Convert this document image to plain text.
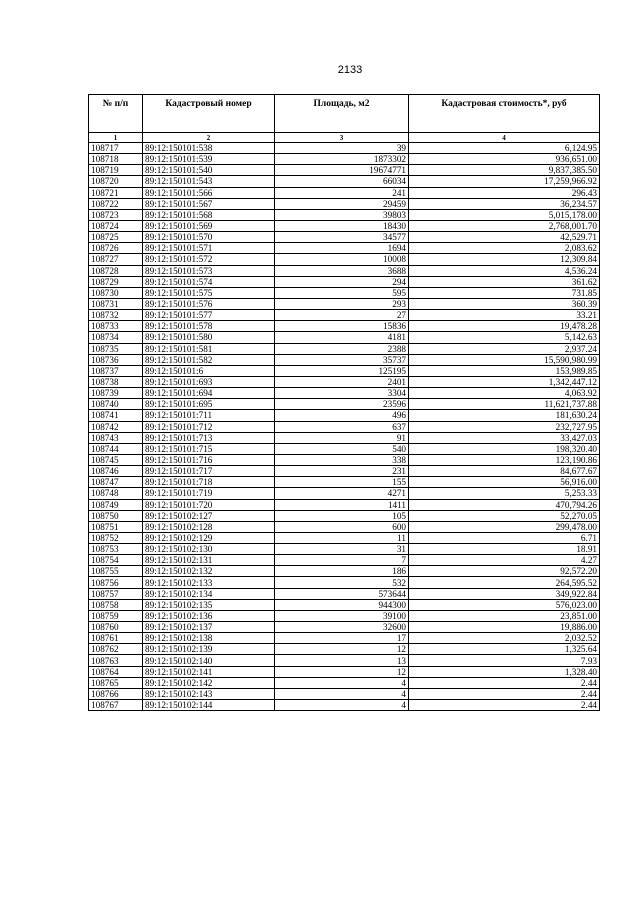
2133
№ п/п	Кадастровый номер	Площадь, м2	Кадастровая стоимость*, руб
1	2	3	4
108717	89:12:150101:538	39	6,124.95
108718	89:12:150101:539	1873302	936,651.00
108719	89:12:150101:540	19674771	9,837,385.50
108720	89:12:150101:543	66034	17,259,966.92
108721	89:12:150101:566	241	296.43
108722	89:12:150101:567	29459	36,234.57
108723	89:12:150101:568	39803	5,015,178.00
108724	89:12:150101:569	18430	2,768,001.70
108725	89:12:150101:570	34577	42,529.71
108726	89:12:150101:571	1694	2,083.62
108727	89:12:150101:572	10008	12,309.84
108728	89:12:150101:573	3688	4,536.24
108729	89:12:150101:574	294	361.62
108730	89:12:150101:575	595	731.85
108731	89:12:150101:576	293	360.39
108732	89:12:150101:577	27	33.21
108733	89:12:150101:578	15836	19,478.28
108734	89:12:150101:580	4181	5,142.63
108735	89:12:150101:581	2388	2,937.24
108736	89:12:150101:582	35737	15,590,980.99
108737	89:12:150101:6	125195	153,989.85
108738	89:12:150101:693	2401	1,342,447.12
108739	89:12:150101:694	3304	4,063.92
108740	89:12:150101:695	23596	11,621,737.88
108741	89:12:150101:711	496	181,630.24
108742	89:12:150101:712	637	232,727.95
108743	89:12:150101:713	91	33,427.03
108744	89:12:150101:715	540	198,320.40
108745	89:12:150101:716	338	123,190.86
108746	89:12:150101:717	231	84,677.67
108747	89:12:150101:718	155	56,916.00
108748	89:12:150101:719	4271	5,253.33
108749	89:12:150101:720	1411	470,794.26
108750	89:12:150102:127	105	52,270.05
108751	89:12:150102:128	600	299,478.00
108752	89:12:150102:129	11	6.71
108753	89:12:150102:130	31	18.91
108754	89:12:150102:131	7	4.27
108755	89:12:150102:132	186	92,572.20
108756	89:12:150102:133	532	264,595.52
108757	89:12:150102:134	573644	349,922.84
108758	89:12:150102:135	944300	576,023.00
108759	89:12:150102:136	39100	23,851.00
108760	89:12:150102:137	32600	19,886.00
108761	89:12:150102:138	17	2,032.52
108762	89:12:150102:139	12	1,325.64
108763	89:12:150102:140	13	7.93
108764	89:12:150102:141	12	1,328.40
108765	89:12:150102:142	4	2.44
108766	89:12:150102:143	4	2.44
108767	89:12:150102:144	4	2.44
